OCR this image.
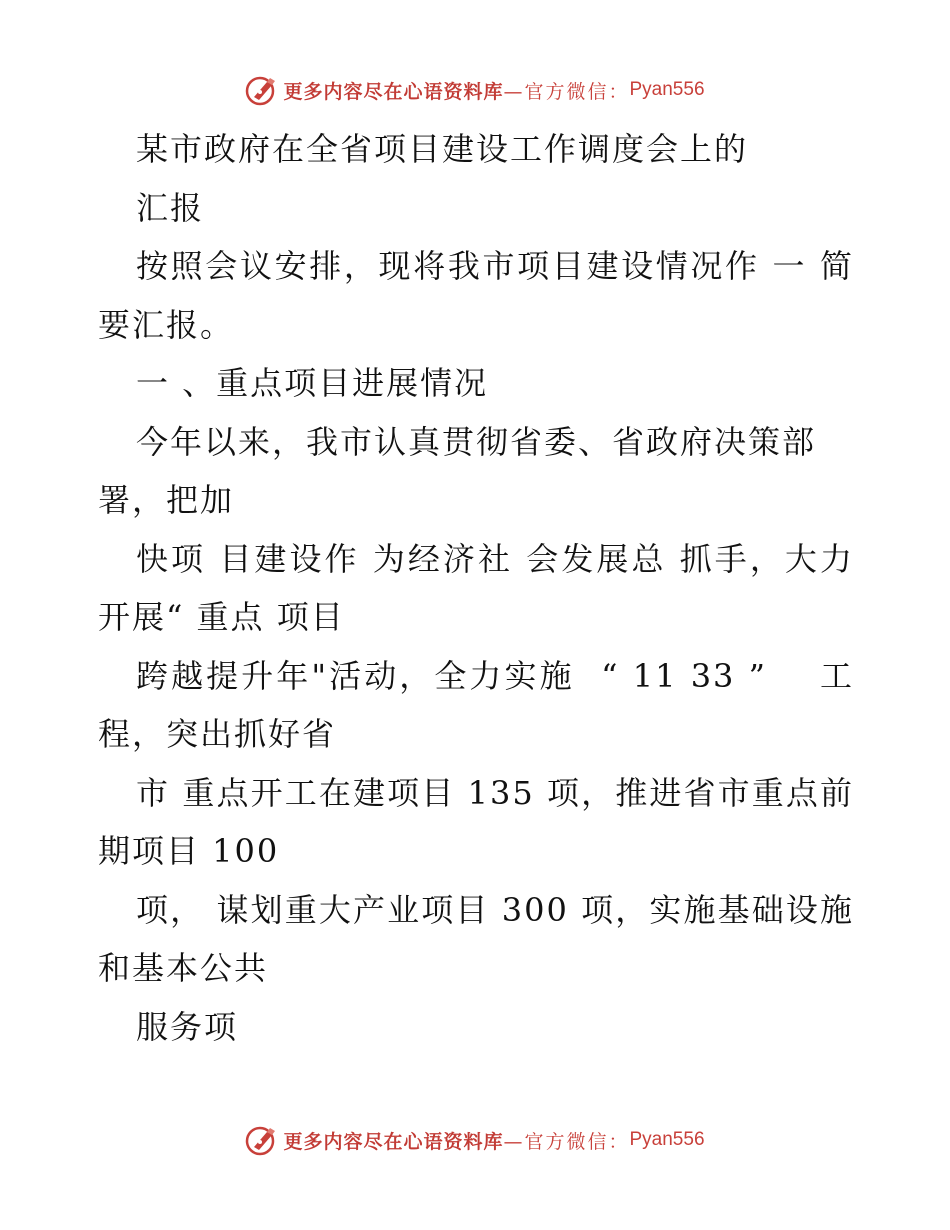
更多内容尽在心语资料库 —官方微信： Pyan556
某市政府在全省项目建设工作调度会上的
汇报
按照会议安排，现将我市项目建设情况作 一 简
要汇报。
一 、重点项目进展情况
今年以来，我市认真贯彻省委、省政府决策部
署，把加
快项 目建设作 为经济社 会发展总 抓手，大力
开展“ 重点 项目
跨越提升年"活动，全力实施  “ 11 33 ”    工
程，突出抓好省
市 重点开工在建项目 135 项，推进省市重点前
期项目 100
项， 谋划重大产业项目 300 项，实施基础设施
和基本公共
服务项
更多内容尽在心语资料库 —官方微信： Pyan556
